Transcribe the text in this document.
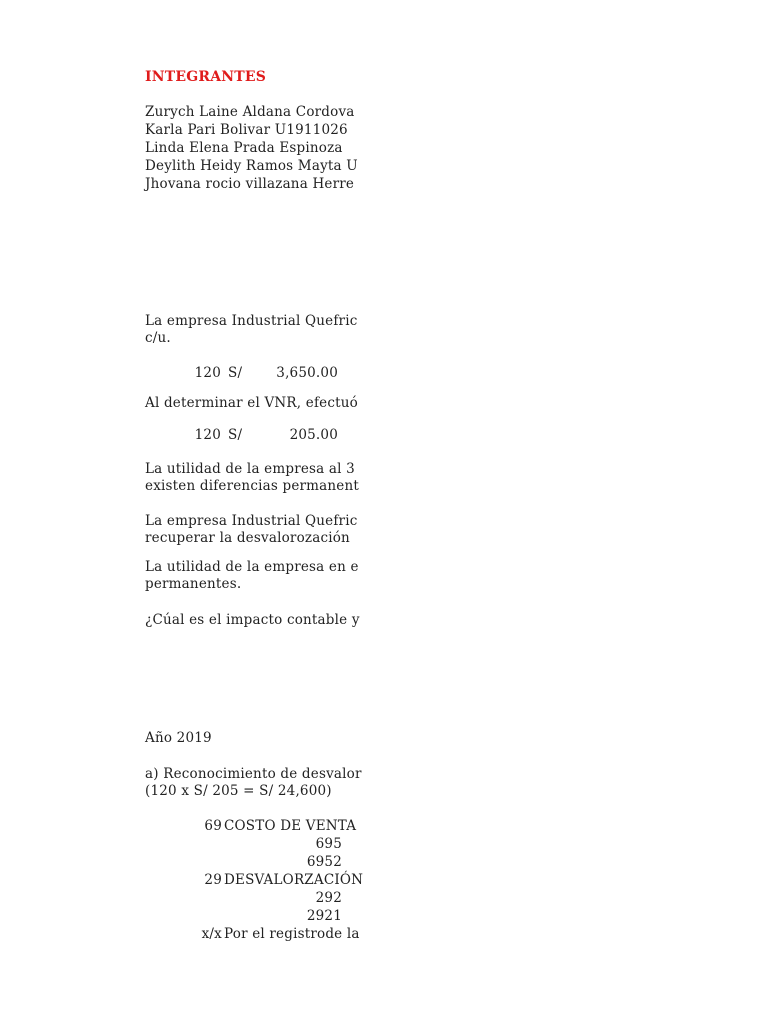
INTEGRANTES
Zurych Laine Aldana Cordova
Karla Pari Bolivar U1911026
Linda Elena Prada Espinoza
Deylith Heidy Ramos Mayta U
Jhovana rocio villazana Herre
La empresa Industrial Quefric
c/u.
120 S/	3,650.00
Al determinar el VNR, efectuó
120 S/	205.00
La utilidad de la empresa al 3
existen diferencias permanent
La empresa Industrial Quefric
recuperar la desvalorozación
La utilidad de la empresa en e
permanentes.
¿Cúal es el impacto contable y
Año 2019
a) Reconocimiento de desvalor
(120 x S/ 205 = S/ 24,600)
69 COSTO DE VENTA
695
6952
29 DESVALORZACIÓN
292
2921
x/x Por el registrode la
